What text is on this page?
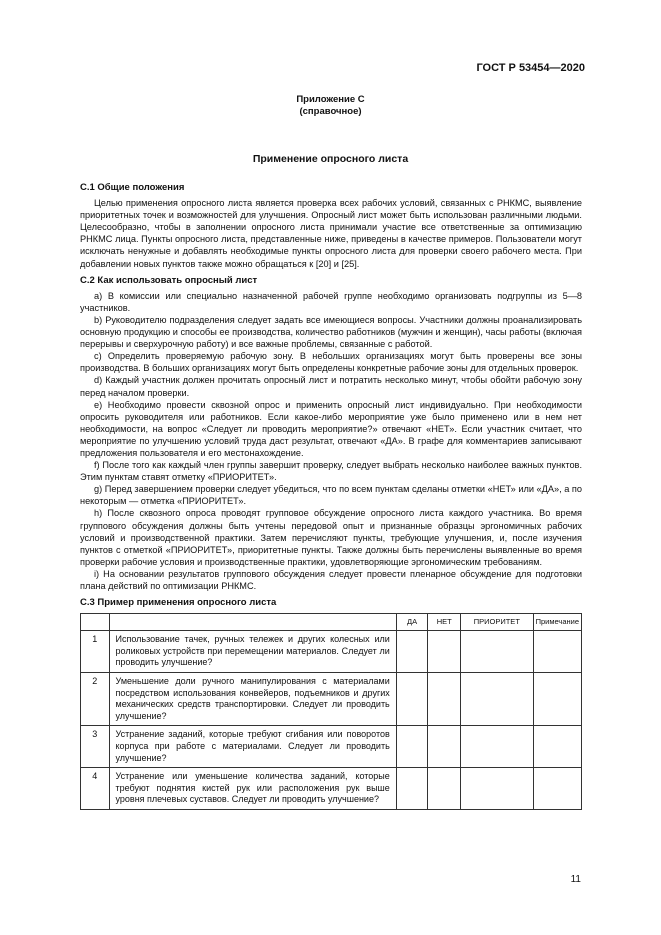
ГОСТ Р 53454—2020
Приложение С
(справочное)
Применение опросного листа
С.1 Общие положения

Целью применения опросного листа является проверка всех рабочих условий, связанных с РНКМС, выявление приоритетных точек и возможностей для улучшения. Опросный лист может быть использован различными людьми. Целесообразно, чтобы в заполнении опросного листа принимали участие все ответственные за оптимизацию РНКМС лица. Пункты опросного листа, представленные ниже, приведены в качестве примеров. Пользователи могут исключать ненужные и добавлять необходимые пункты опросного листа для проверки своего рабочего места. При добавлении новых пунктов также можно обращаться к [20] и [25].

С.2 Как использовать опросный лист

a) В комиссии или специально назначенной рабочей группе необходимо организовать подгруппы из 5—8 участников.

b) Руководителю подразделения следует задать все имеющиеся вопросы. Участники должны проанализировать основную продукцию и способы ее производства, количество работников (мужчин и женщин), часы работы (включая перерывы и сверхурочную работу) и все важные проблемы, связанные с работой.

c) Определить проверяемую рабочую зону. В небольших организациях могут быть проверены все зоны производства. В больших организациях могут быть определены конкретные рабочие зоны для отдельных проверок.

d) Каждый участник должен прочитать опросный лист и потратить несколько минут, чтобы обойти рабочую зону перед началом проверки.

e) Необходимо провести сквозной опрос и применить опросный лист индивидуально. При необходимости опросить руководителя или работников. Если какое-либо мероприятие уже было применено или в нем нет необходимости, на вопрос «Следует ли проводить мероприятие?» отвечают «НЕТ». Если участник считает, что мероприятие по улучшению условий труда даст результат, отвечают «ДА». В графе для комментариев записывают предложения пользователя и его местонахождение.

f) После того как каждый член группы завершит проверку, следует выбрать несколько наиболее важных пунктов. Этим пунктам ставят отметку «ПРИОРИТЕТ».

g) Перед завершением проверки следует убедиться, что по всем пунктам сделаны отметки «НЕТ» или «ДА», а по некоторым — отметка «ПРИОРИТЕТ».

h) После сквозного опроса проводят групповое обсуждение опросного листа каждого участника. Во время группового обсуждения должны быть учтены передовой опыт и признанные образцы эргономичных рабочих условий и производственной практики. Затем перечисляют пункты, требующие улучшения, и, после изучения пунктов с отметкой «ПРИОРИТЕТ», приоритетные пункты. Также должны быть перечислены выявленные во время проверки рабочие условия и производственные практики, удовлетворяющие эргономическим требованиям.

i) На основании результатов группового обсуждения следует провести пленарное обсуждение для подготовки плана действий по оптимизации РНКМС.

С.3 Пример применения опросного листа
		ДА	НЕТ	ПРИОРИТЕТ	Примечание
1	Использование тачек, ручных тележек и других колесных или роликовых устройств при перемещении материалов. Следует ли проводить улучшение?				
2	Уменьшение доли ручного манипулирования с материалами посредством использования конвейеров, подъемников и других механических средств транспортировки. Следует ли проводить улучшение?				
3	Устранение заданий, которые требуют сгибания или поворотов корпуса при работе с материалами. Следует ли проводить улучшение?				
4	Устранение или уменьшение количества заданий, которые требуют поднятия кистей рук или расположения рук выше уровня плечевых суставов. Следует ли проводить улучшение?				
11
